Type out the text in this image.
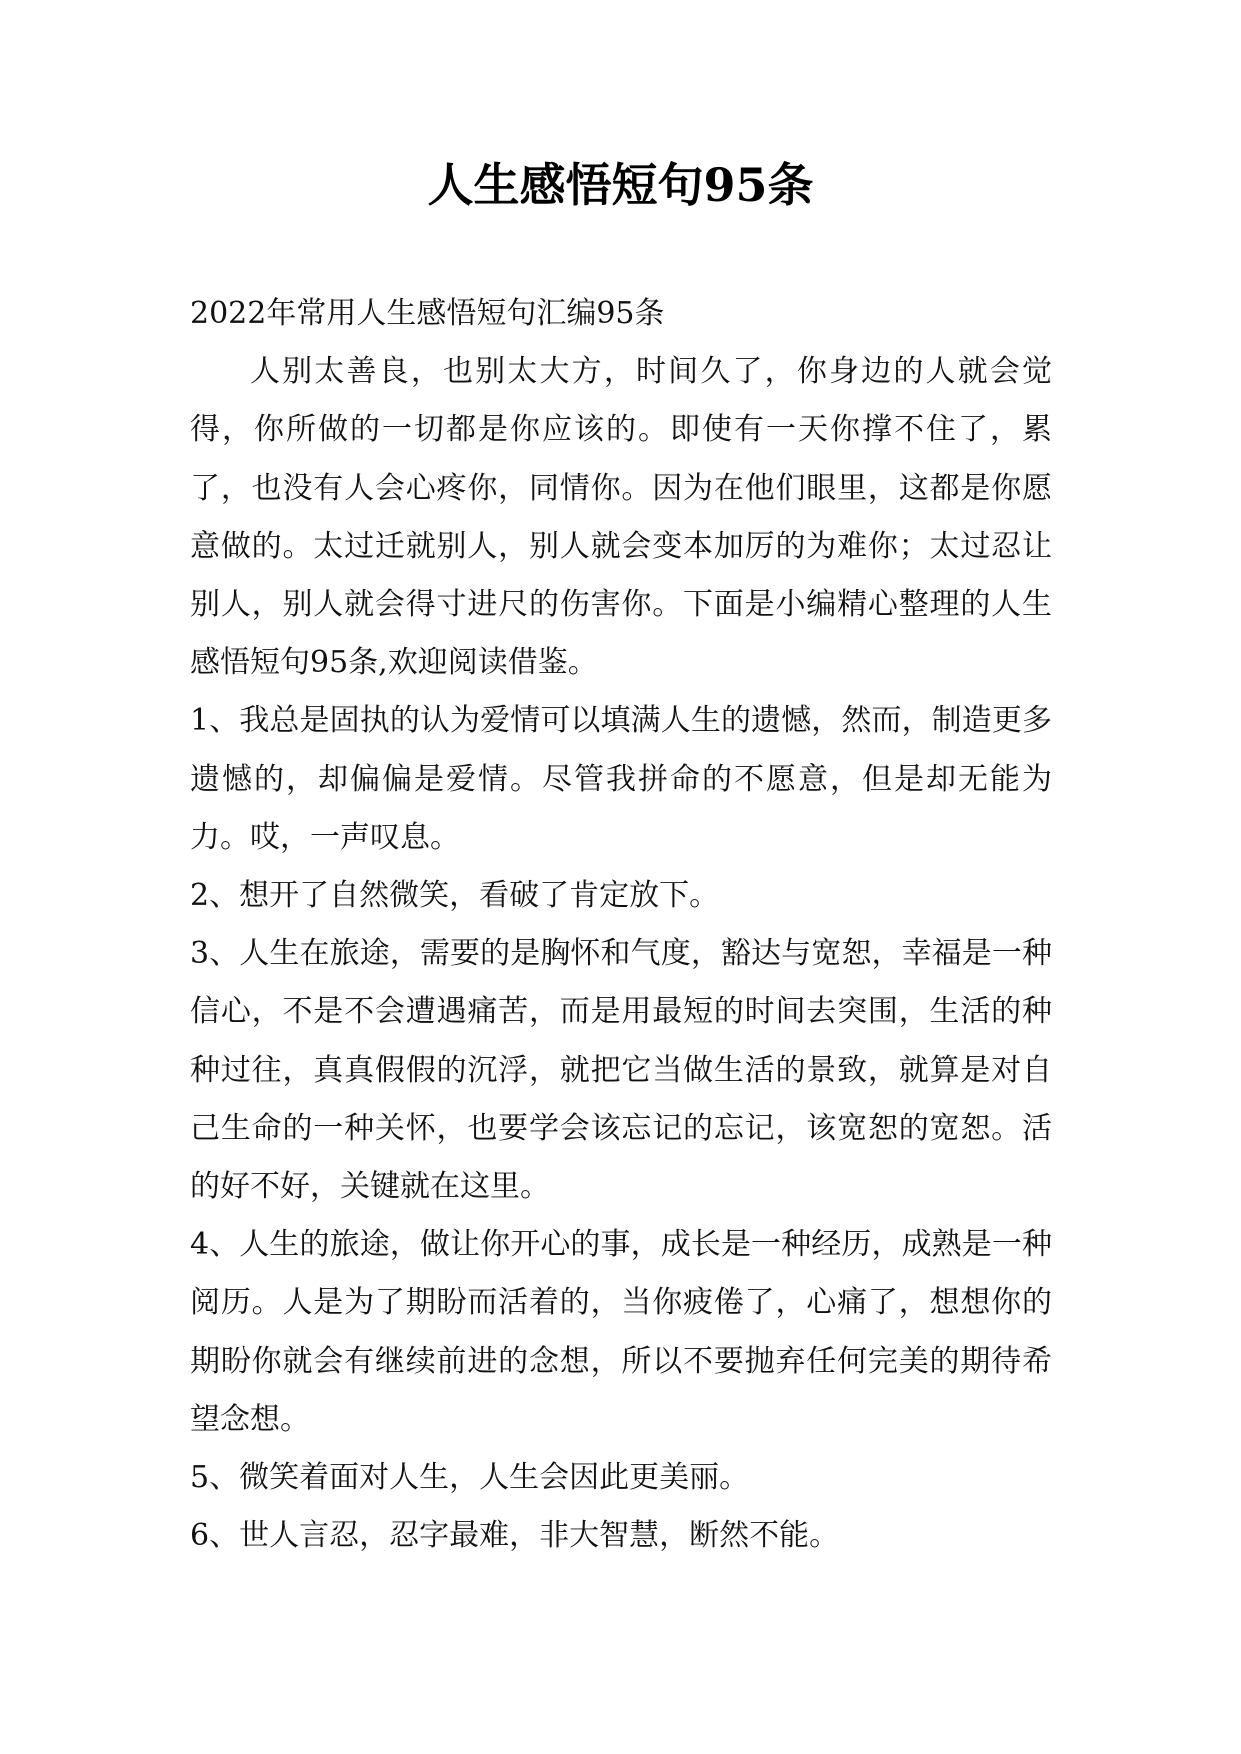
人生感悟短句95条

2022年常用人生感悟短句汇编95条

人别太善良，也别太大方，时间久了，你身边的人就会觉得，你所做的一切都是你应该的。即使有一天你撑不住了，累了，也没有人会心疼你，同情你。因为在他们眼里，这都是你愿意做的。太过迁就别人，别人就会变本加厉的为难你；太过忍让别人，别人就会得寸进尺的伤害你。下面是小编精心整理的人生感悟短句95条,欢迎阅读借鉴。

1、我总是固执的认为爱情可以填满人生的遗憾，然而，制造更多遗憾的，却偏偏是爱情。尽管我拼命的不愿意，但是却无能为力。哎，一声叹息。

2、想开了自然微笑，看破了肯定放下。

3、人生在旅途，需要的是胸怀和气度，豁达与宽恕，幸福是一种信心，不是不会遭遇痛苦，而是用最短的时间去突围，生活的种种过往，真真假假的沉浮，就把它当做生活的景致，就算是对自己生命的一种关怀，也要学会该忘记的忘记，该宽恕的宽恕。活的好不好，关键就在这里。

4、人生的旅途，做让你开心的事，成长是一种经历，成熟是一种阅历。人是为了期盼而活着的，当你疲倦了，心痛了，想想你的期盼你就会有继续前进的念想，所以不要抛弃任何完美的期待希望念想。

5、微笑着面对人生，人生会因此更美丽。

6、世人言忍，忍字最难，非大智慧，断然不能。
